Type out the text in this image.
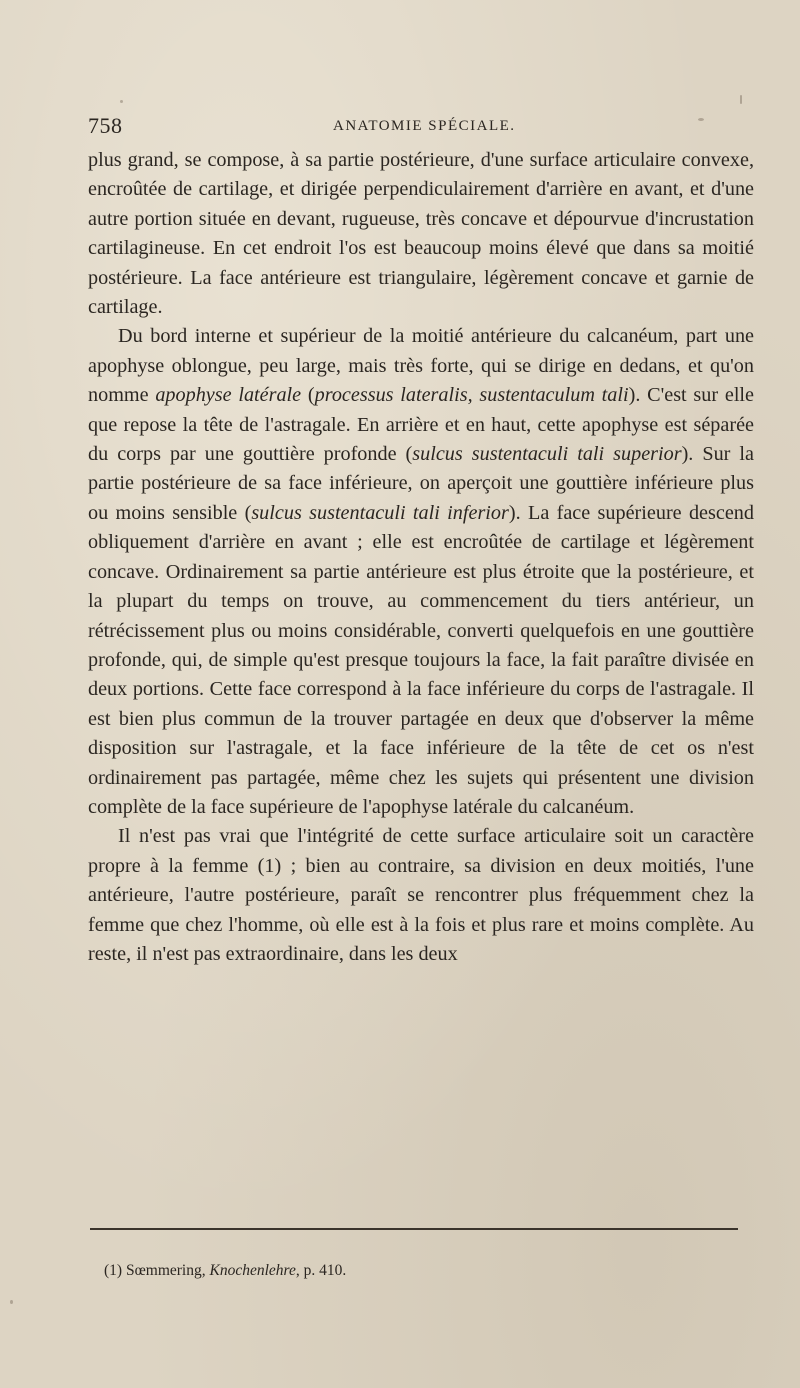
758	ANATOMIE SPÉCIALE.

plus grand, se compose, à sa partie postérieure, d'une surface articulaire convexe, encroûtée de cartilage, et dirigée perpendiculairement d'arrière en avant, et d'une autre portion située en devant, rugueuse, très concave et dépourvue d'incrustation cartilagineuse. En cet endroit l'os est beaucoup moins élevé que dans sa moitié postérieure. La face antérieure est triangulaire, légèrement concave et garnie de cartilage.

Du bord interne et supérieur de la moitié antérieure du calcanéum, part une apophyse oblongue, peu large, mais très forte, qui se dirige en dedans, et qu'on nomme apophyse latérale (processus lateralis, sustentaculum tali). C'est sur elle que repose la tête de l'astragale. En arrière et en haut, cette apophyse est séparée du corps par une gouttière profonde (sulcus sustentaculi tali superior). Sur la partie postérieure de sa face inférieure, on aperçoit une gouttière inférieure plus ou moins sensible (sulcus sustentaculi tali inferior). La face supérieure descend obliquement d'arrière en avant ; elle est encroûtée de cartilage et légèrement concave. Ordinairement sa partie antérieure est plus étroite que la postérieure, et la plupart du temps on trouve, au commencement du tiers antérieur, un rétrécissement plus ou moins considérable, converti quelquefois en une gouttière profonde, qui, de simple qu'est presque toujours la face, la fait paraître divisée en deux portions. Cette face correspond à la face inférieure du corps de l'astragale. Il est bien plus commun de la trouver partagée en deux que d'observer la même disposition sur l'astragale, et la face inférieure de la tête de cet os n'est ordinairement pas partagée, même chez les sujets qui présentent une division complète de la face supérieure de l'apophyse latérale du calcanéum.

Il n'est pas vrai que l'intégrité de cette surface articulaire soit un caractère propre à la femme (1) ; bien au contraire, sa division en deux moitiés, l'une antérieure, l'autre postérieure, paraît se rencontrer plus fréquemment chez la femme que chez l'homme, où elle est à la fois et plus rare et moins complète. Au reste, il n'est pas extraordinaire, dans les deux

(1) Sœmmering, Knochenlehre, p. 410.
